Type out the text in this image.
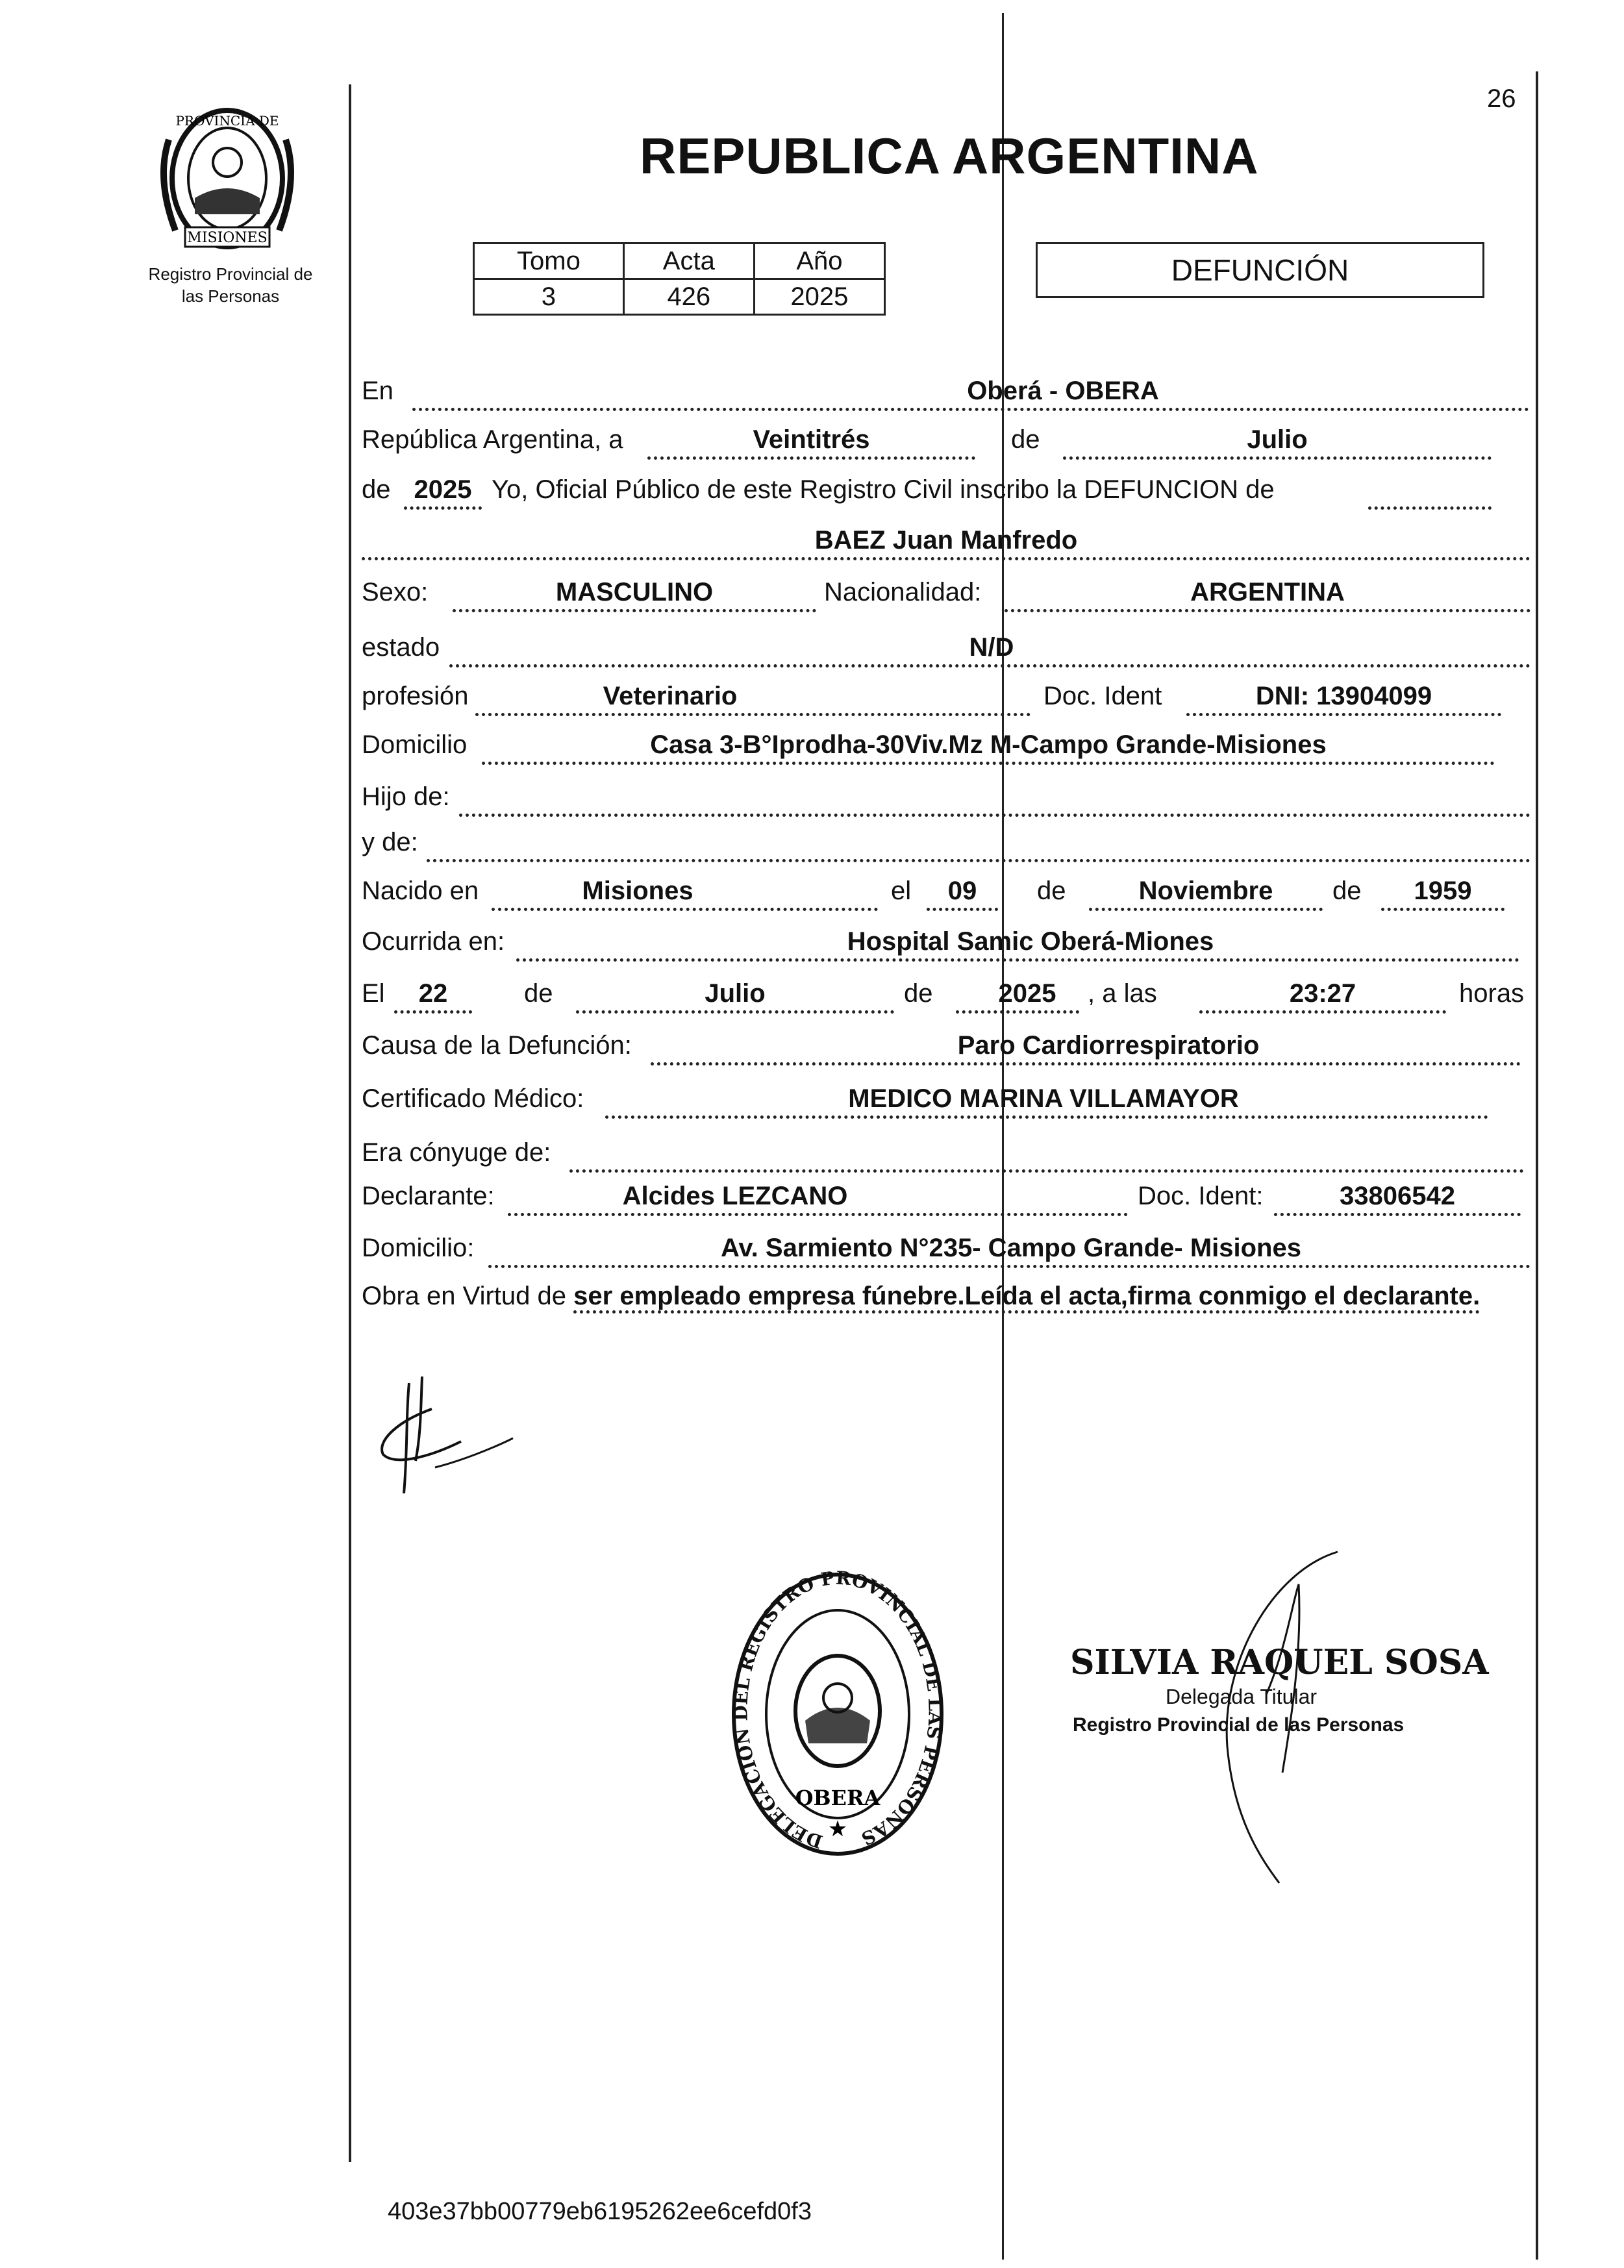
26
PROVINCIA DE
MISIONES
Registro Provincial de
las Personas
REPUBLICA ARGENTINA
Tomo	Acta	Año
3	426	2025
DEFUNCIÓN
En	Oberá - OBERA
República Argentina, a	Veintitrés	de	Julio
de 2025 Yo, Oficial Público de este Registro Civil inscribo la DEFUNCION de
BAEZ Juan Manfredo
Sexo:	MASCULINO	Nacionalidad:	ARGENTINA
estado	N/D
profesión	Veterinario	Doc. Ident	DNI: 13904099
Domicilio	Casa 3-B°Iprodha-30Viv.Mz M-Campo Grande-Misiones
Hijo de:
y de:
Nacido en	Misiones	el	09	de	Noviembre	de	1959
Ocurrida en:	Hospital Samic Oberá-Miones
El	22	de	Julio	de	2025	, a las	23:27	horas
Causa de la Defunción:	Paro Cardiorrespiratorio
Certificado Médico:	MEDICO MARINA VILLAMAYOR
Era cónyuge de:
Declarante:	Alcides LEZCANO	Doc. Ident:	33806542
Domicilio:	Av. Sarmiento N°235- Campo Grande- Misiones
Obra en Virtud de ser empleado empresa fúnebre.Leída el acta,firma conmigo el declarante.
DELEGACION DEL REGISTRO PROVINCIAL DE LAS PERSONAS
OBERA
★
SILVIA RAQUEL SOSA
Delegada Titular
Registro Provincial de las Personas
403e37bb00779eb6195262ee6cefd0f3
